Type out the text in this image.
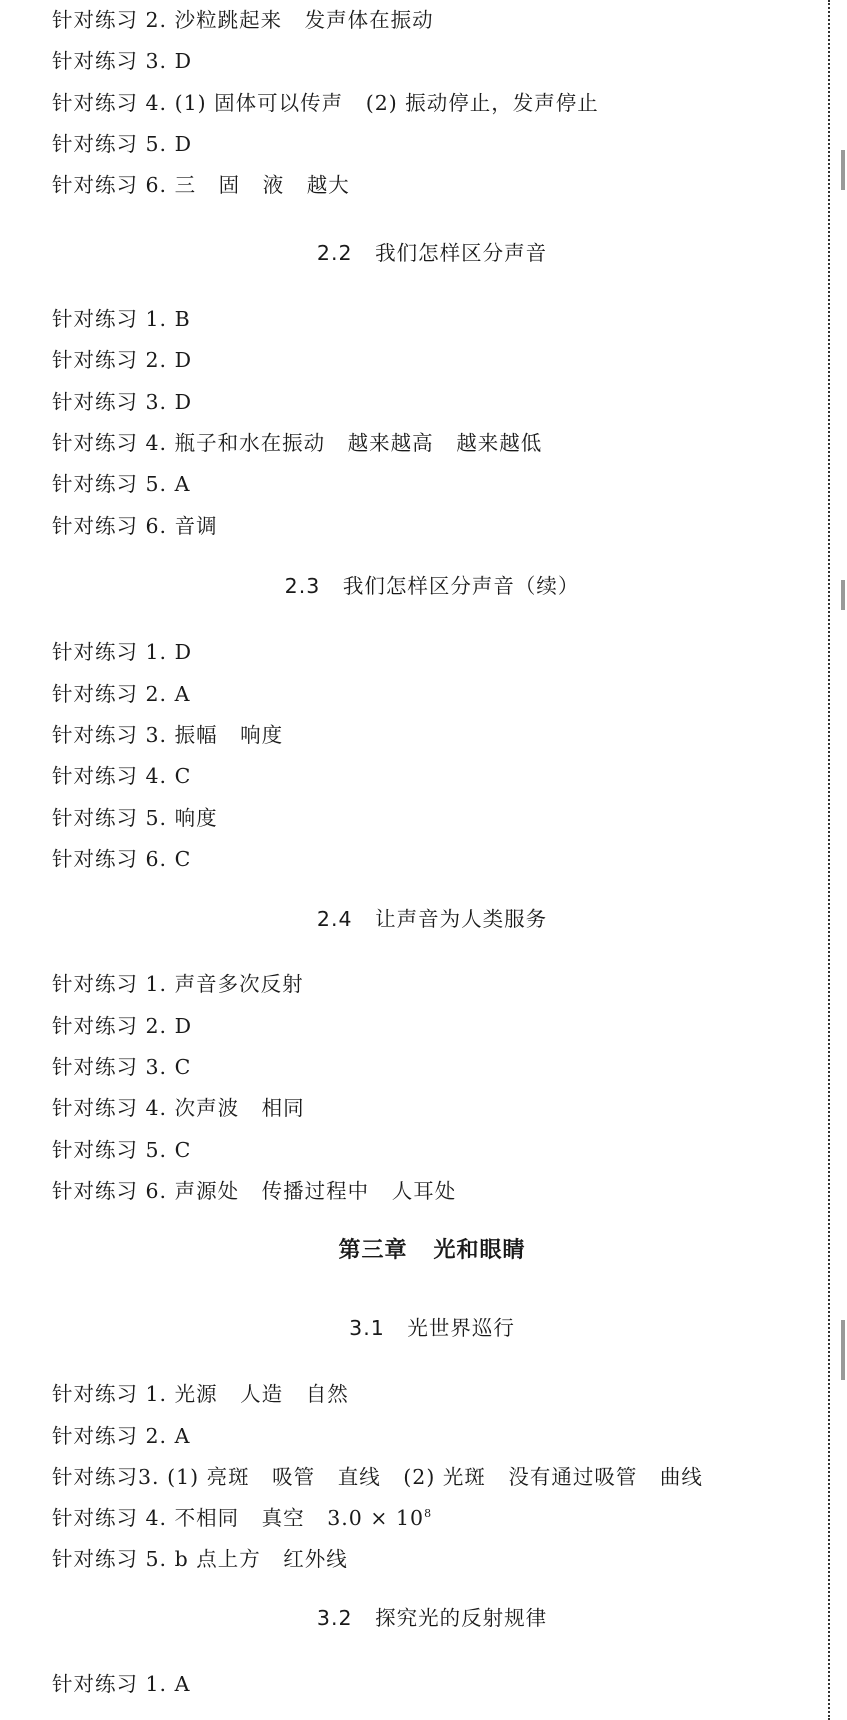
针对练习 2. 沙粒跳起来   发声体在振动
针对练习 3. D
针对练习 4. (1) 固体可以传声   (2) 振动停止，发声停止
针对练习 5. D
针对练习 6. 三   固   液   越大
2.2   我们怎样区分声音
针对练习 1. B
针对练习 2. D
针对练习 3. D
针对练习 4. 瓶子和水在振动   越来越高   越来越低
针对练习 5. A
针对练习 6. 音调
2.3   我们怎样区分声音（续）
针对练习 1. D
针对练习 2. A
针对练习 3. 振幅   响度
针对练习 4. C
针对练习 5. 响度
针对练习 6. C
2.4   让声音为人类服务
针对练习 1. 声音多次反射
针对练习 2. D
针对练习 3. C
针对练习 4. 次声波   相同
针对练习 5. C
针对练习 6. 声源处   传播过程中   人耳处
第三章   光和眼睛
3.1   光世界巡行
针对练习 1. 光源   人造   自然
针对练习 2. A
针对练习3. (1) 亮斑   吸管   直线   (2) 光斑   没有通过吸管   曲线
针对练习 4. 不相同   真空   $3.0 \times 10^8$
针对练习 5. b 点上方   红外线
3.2   探究光的反射规律
针对练习 1. A
